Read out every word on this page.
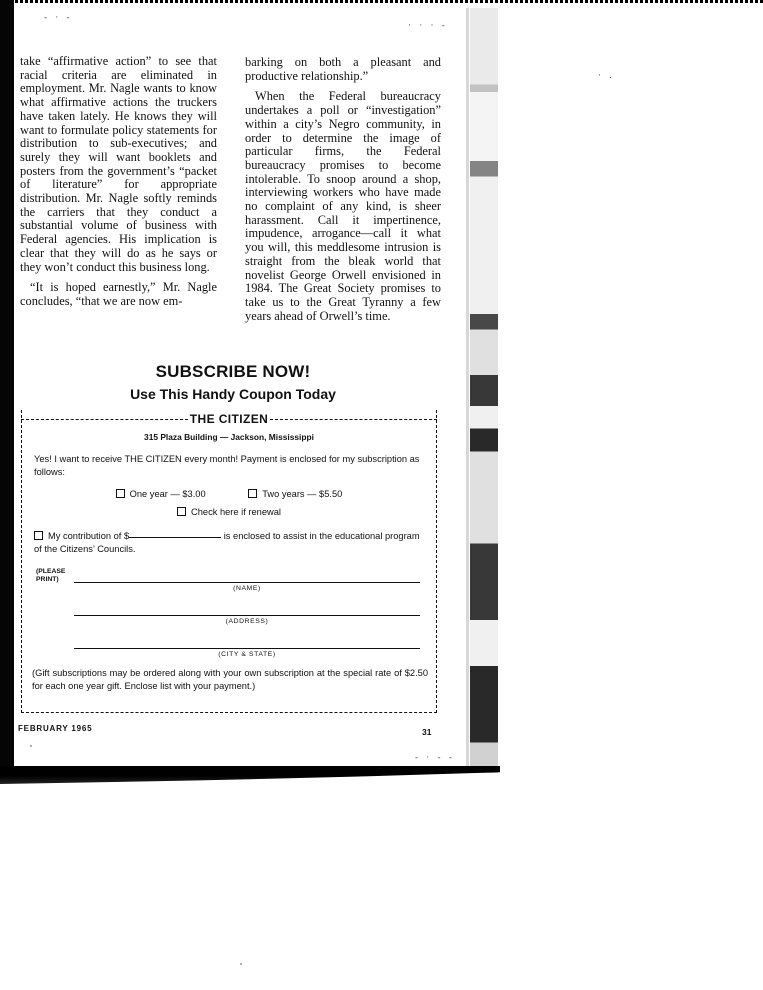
- · -
· · · -
· .
- · - -

take “affirmative action” to see that racial criteria are eliminated in employment. Mr. Nagle wants to know what affirmative actions the truckers have taken lately. He knows they will want to formulate policy statements for distribution to sub-executives; and surely they will want booklets and posters from the government’s “packet of literature” for appropriate distribution. Mr. Nagle softly reminds the carriers that they conduct a substantial volume of business with Federal agencies. His implication is clear that they will do as he says or they won’t conduct this business long.

“It is hoped earnestly,” Mr. Nagle concludes, “that we are now em-

barking on both a pleasant and productive relationship.”

When the Federal bureaucracy undertakes a poll or “investigation” within a city’s Negro community, in order to determine the image of particular firms, the Federal bureaucracy promises to become intolerable. To snoop around a shop, interviewing workers who have made no complaint of any kind, is sheer harassment. Call it impertinence, impudence, arrogance—call it what you will, this meddlesome intrusion is straight from the bleak world that novelist George Orwell envisioned in 1984. The Great Society promises to take us to the Great Tyranny a few years ahead of Orwell’s time.

SUBSCRIBE NOW!
Use This Handy Coupon Today
THE CITIZEN
315 Plaza Building — Jackson, Mississippi
Yes! I want to receive THE CITIZEN every month! Payment is enclosed for my subscription as follows:
One year — $3.00	Two years — $5.50
Check here if renewal
My contribution of $	is enclosed to assist in the educational program of the Citizens’ Councils.
(PLEASE PRINT)
(NAME)
(ADDRESS)
(CITY & STATE)
(Gift subscriptions may be ordered along with your own subscription at the special rate of $2.50 for each one year gift. Enclose list with your payment.)
FEBRUARY 1965	31
